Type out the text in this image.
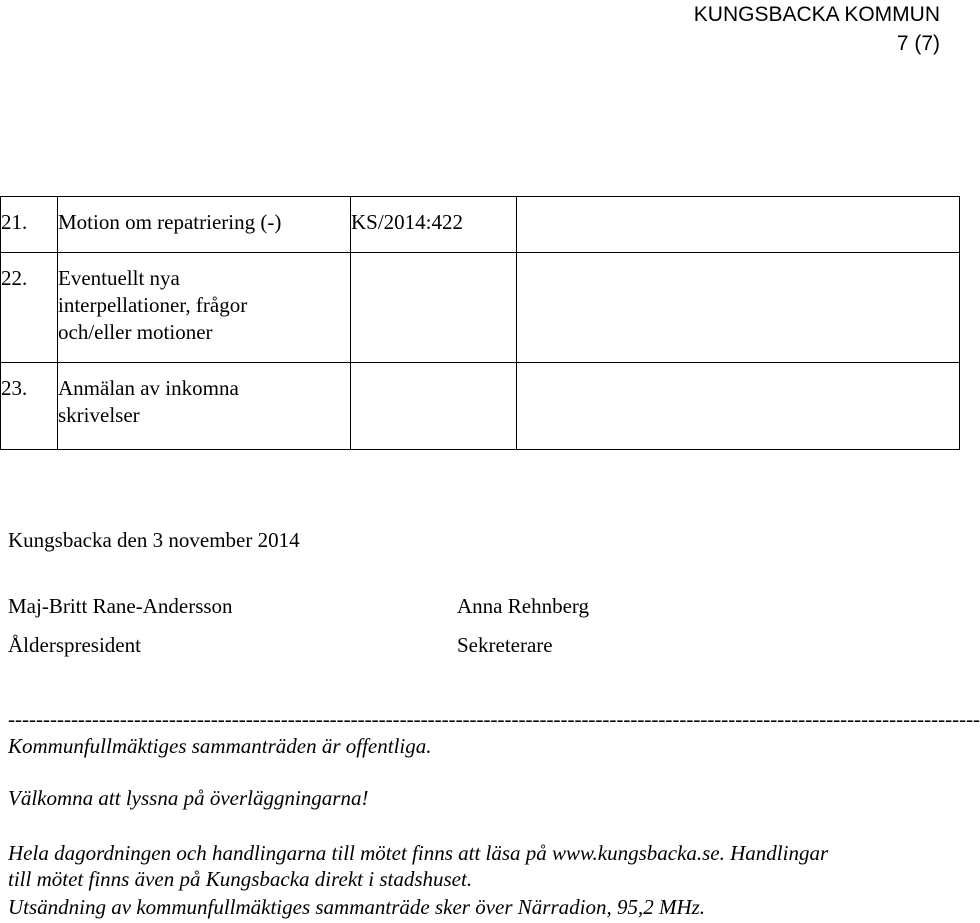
KUNGSBACKA KOMMUN
7 (7)
21.	Motion om repatriering (-)	KS/2014:422	

22.	Eventuellt nya
interpellationer, frågor
och/eller motioner		

23.	Anmälan av inkomna
skrivelser		

Kungsbacka den 3 november 2014
Maj-Britt Rane-Andersson
Ålderspresident
Anna Rehnberg
Sekreterare
-------------------------------------------------------------------------------------------------------------------------------------------
Kommunfullmäktiges sammanträden är offentliga.
Välkomna att lyssna på överläggningarna!
Hela dagordningen och handlingarna till mötet finns att läsa på www.kungsbacka.se. Handlingar
till mötet finns även på Kungsbacka direkt i stadshuset.
Utsändning av kommunfullmäktiges sammanträde sker över Närradion, 95,2 MHz.
